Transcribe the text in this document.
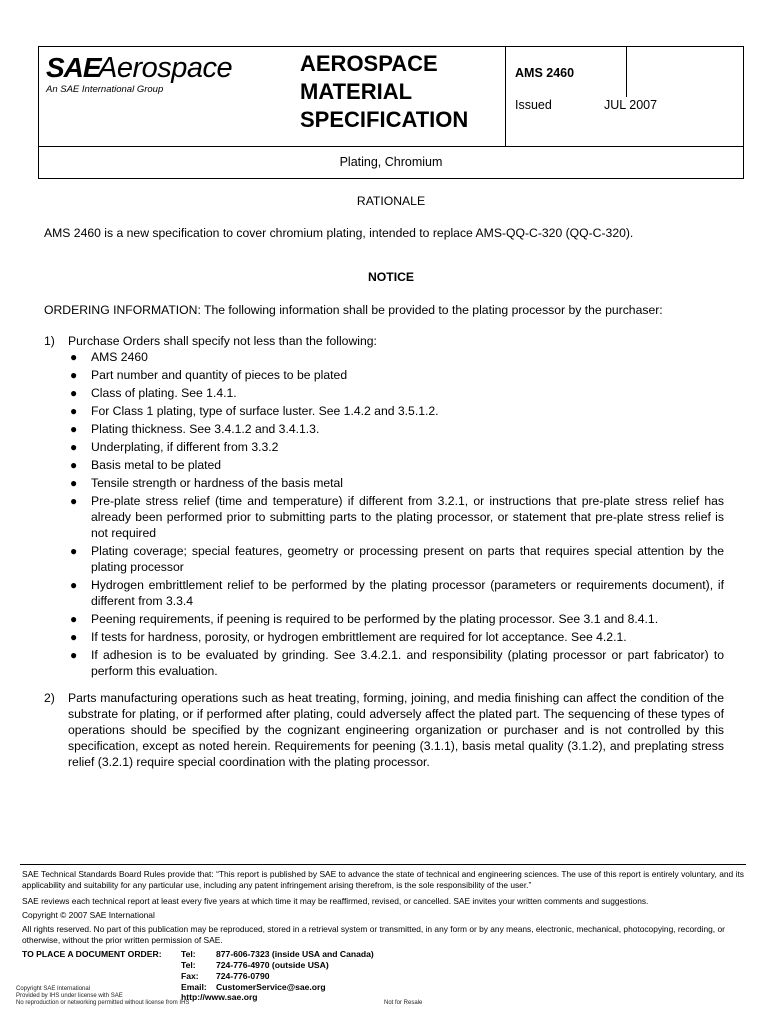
SAE
Aerospace
An SAE International Group
AEROSPACE
MATERIAL
SPECIFICATION
AMS 2460
Issued	JUL 2007
Plating, Chromium
RATIONALE
AMS 2460 is a new specification to cover chromium plating, intended to replace AMS-QQ-C-320 (QQ-C-320).
NOTICE
ORDERING INFORMATION: The following information shall be provided to the plating processor by the purchaser:
1) Purchase Orders shall specify not less than the following:
● AMS 2460
● Part number and quantity of pieces to be plated
● Class of plating. See 1.4.1.
● For Class 1 plating, type of surface luster. See 1.4.2 and 3.5.1.2.
● Plating thickness. See 3.4.1.2 and 3.4.1.3.
● Underplating, if different from 3.3.2
● Basis metal to be plated
● Tensile strength or hardness of the basis metal
● Pre-plate stress relief (time and temperature) if different from 3.2.1, or instructions that pre-plate stress relief has already been performed prior to submitting parts to the plating processor, or statement that pre-plate stress relief is not required
● Plating coverage; special features, geometry or processing present on parts that requires special attention by the plating processor
● Hydrogen embrittlement relief to be performed by the plating processor (parameters or requirements document), if different from 3.3.4
● Peening requirements, if peening is required to be performed by the plating processor. See 3.1 and 8.4.1.
● If tests for hardness, porosity, or hydrogen embrittlement are required for lot acceptance. See 4.2.1.
● If adhesion is to be evaluated by grinding. See 3.4.2.1. and responsibility (plating processor or part fabricator) to perform this evaluation.
2) Parts manufacturing operations such as heat treating, forming, joining, and media finishing can affect the condition of the substrate for plating, or if performed after plating, could adversely affect the plated part. The sequencing of these types of operations should be specified by the cognizant engineering organization or purchaser and is not controlled by this specification, except as noted herein. Requirements for peening (3.1.1), basis metal quality (3.1.2), and preplating stress relief (3.2.1) require special coordination with the plating processor.
SAE Technical Standards Board Rules provide that: “This report is published by SAE to advance the state of technical and engineering sciences. The use of this report is entirely voluntary, and its applicability and suitability for any particular use, including any patent infringement arising therefrom, is the sole responsibility of the user.”
SAE reviews each technical report at least every five years at which time it may be reaffirmed, revised, or cancelled. SAE invites your written comments and suggestions.
Copyright © 2007 SAE International
All rights reserved. No part of this publication may be reproduced, stored in a retrieval system or transmitted, in any form or by any means, electronic, mechanical, photocopying, recording, or otherwise, without the prior written permission of SAE.
TO PLACE A DOCUMENT ORDER: Tel: 877-606-7323 (inside USA and Canada)
Tel: 724-776-4970 (outside USA)
Fax: 724-776-0790
Email: CustomerService@sae.org
http://www.sae.org
Copyright SAE International
Provided by IHS under license with SAE
No reproduction or networking permitted without license from IHS	Not for Resale
